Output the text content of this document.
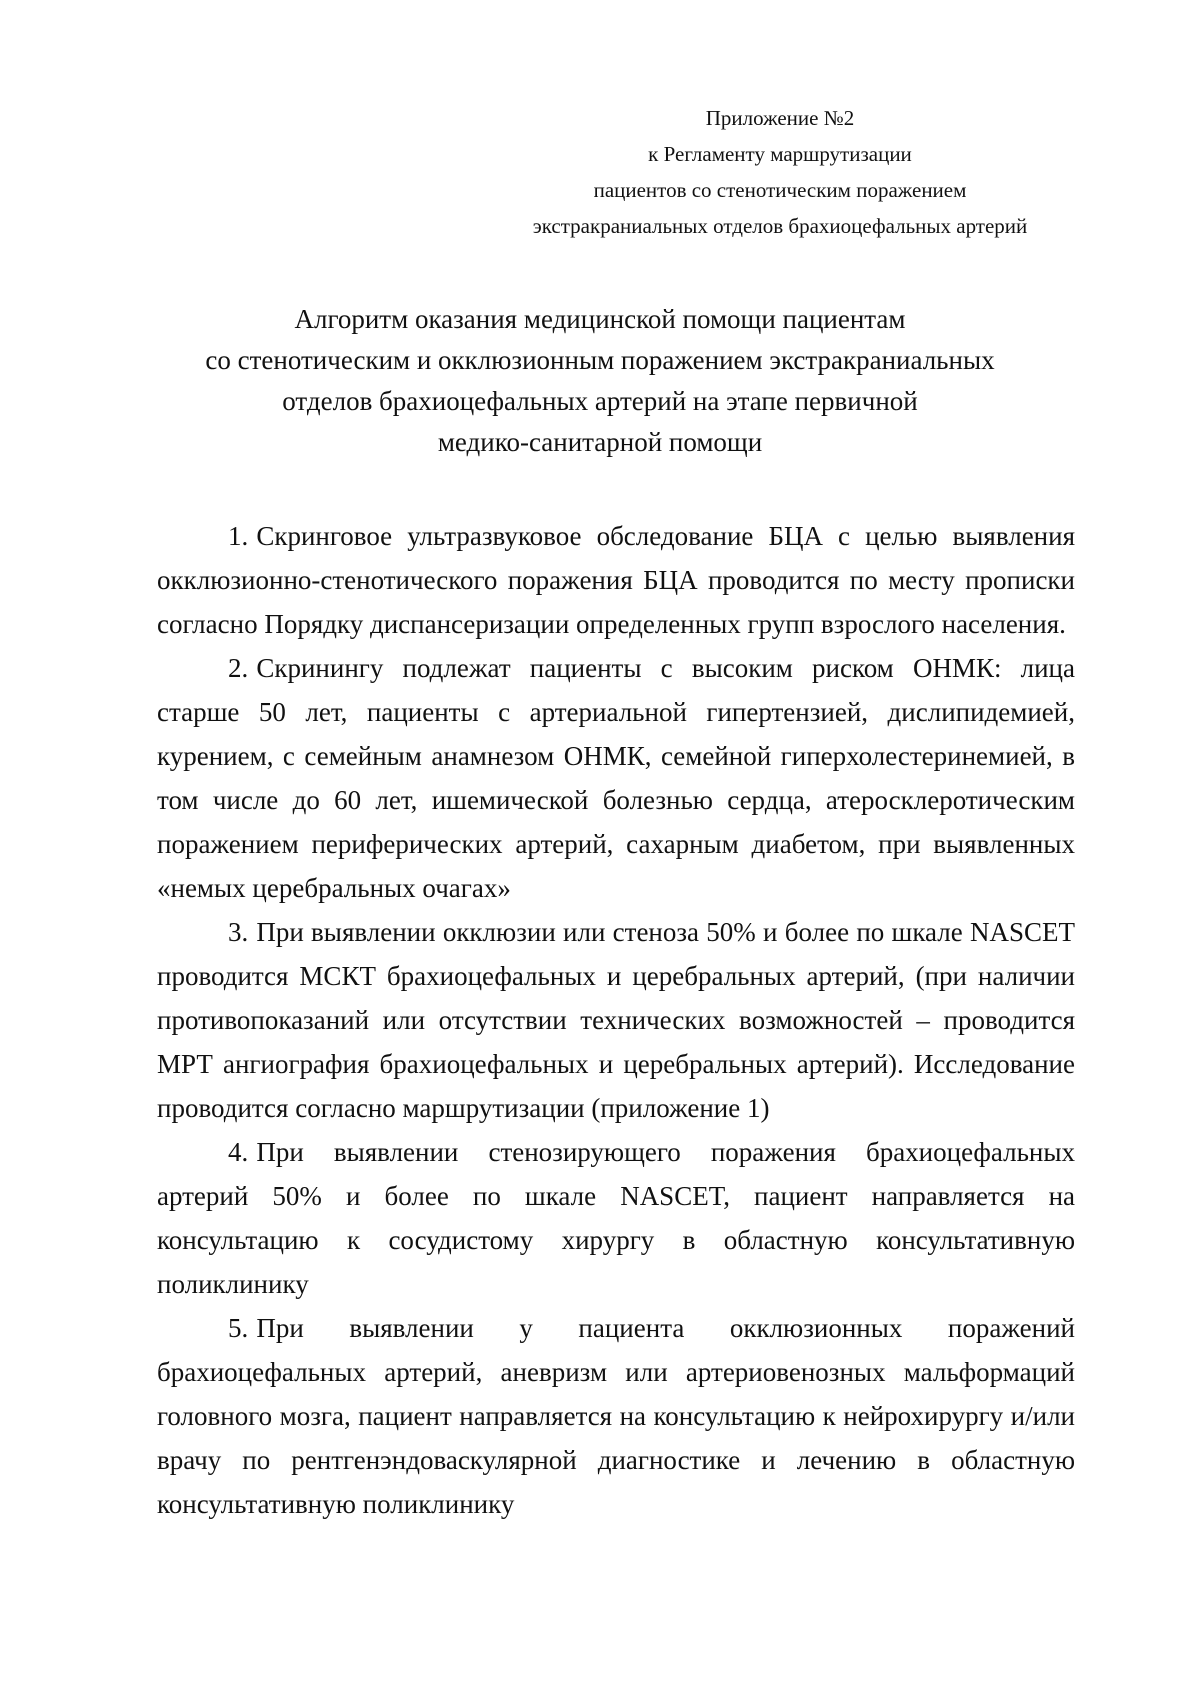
Приложение №2
к Регламенту маршрутизации
пациентов со стенотическим поражением
экстракраниальных отделов брахиоцефальных артерий
Алгоритм оказания медицинской помощи пациентам
со стенотическим и окклюзионным поражением экстракраниальных
отделов брахиоцефальных артерий на этапе первичной
медико-санитарной помощи

1. Скринговое ультразвуковое обследование БЦА с целью выявления окклюзионно-стенотического поражения БЦА проводится по месту прописки согласно Порядку диспансеризации определенных групп взрослого населения.

2. Скринингу подлежат пациенты с высоким риском ОНМК: лица старше 50 лет, пациенты с артериальной гипертензией, дислипидемией, курением, с семейным анамнезом ОНМК, семейной гиперхолестеринемией, в том числе до 60 лет, ишемической болезнью сердца, атеросклеротическим поражением периферических артерий, сахарным диабетом, при выявленных «немых церебральных очагах»

3. При выявлении окклюзии или стеноза 50% и более по шкале NASCET проводится МСКТ брахиоцефальных и церебральных артерий, (при наличии противопоказаний или отсутствии технических возможностей – проводится МРТ ангиография брахиоцефальных и церебральных артерий). Исследование проводится согласно маршрутизации (приложение 1)

4. При выявлении стенозирующего поражения брахиоцефальных артерий 50% и более по шкале NASCET, пациент направляется на консультацию к сосудистому хирургу в областную консультативную поликлинику

5. При выявлении у пациента окклюзионных поражений брахиоцефальных артерий, аневризм или артериовенозных мальформаций головного мозга, пациент направляется на консультацию к нейрохирургу и/или врачу по рентгенэндоваскулярной диагностике и лечению в областную консультативную поликлинику
